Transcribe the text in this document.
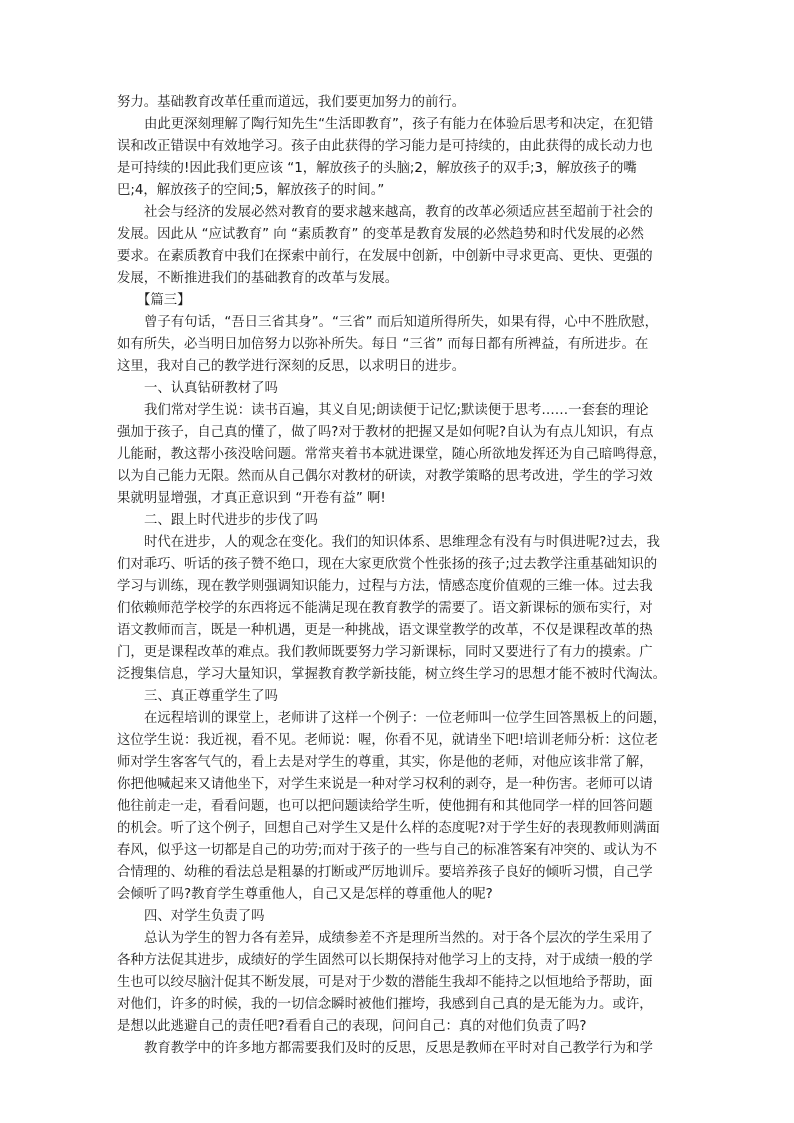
努力。基础教育改革任重而道远，我们要更加努力的前行。
由此更深刻理解了陶行知先生“生活即教育”，孩子有能力在体验后思考和决定，在犯错
误和改正错误中有效地学习。孩子由此获得的学习能力是可持续的，由此获得的成长动力也
是可持续的!因此我们更应该 “1，解放孩子的头脑;2，解放孩子的双手;3，解放孩子的嘴
巴;4，解放孩子的空间;5，解放孩子的时间。”
社会与经济的发展必然对教育的要求越来越高，教育的改革必须适应甚至超前于社会的
发展。因此从 “应试教育” 向 “素质教育” 的变革是教育发展的必然趋势和时代发展的必然
要求。在素质教育中我们在探索中前行，在发展中创新，中创新中寻求更高、更快、更强的
发展，不断推进我们的基础教育的改革与发展。
【篇三】
曾子有句话，“吾日三省其身”。“三省” 而后知道所得所失，如果有得，心中不胜欣慰，
如有所失，必当明日加倍努力以弥补所失。每日 “三省” 而每日都有所裨益，有所进步。在
这里，我对自己的教学进行深刻的反思，以求明日的进步。
一、认真钻研教材了吗
我们常对学生说：读书百遍，其义自见;朗读便于记忆;默读便于思考……一套套的理论
强加于孩子，自己真的懂了，做了吗?对于教材的把握又是如何呢?自认为有点儿知识，有点
儿能耐，教这帮小孩没啥问题。常常夹着书本就进课堂，随心所欲地发挥还为自己暗鸣得意，
以为自己能力无限。然而从自己偶尔对教材的研读，对教学策略的思考改进，学生的学习效
果就明显增强，才真正意识到 “开卷有益” 啊!
二、跟上时代进步的步伐了吗
时代在进步，人的观念在变化。我们的知识体系、思维理念有没有与时俱进呢?过去，我
们对乖巧、听话的孩子赞不绝口，现在大家更欣赏个性张扬的孩子;过去教学注重基础知识的
学习与训练，现在教学则强调知识能力，过程与方法，情感态度价值观的三维一体。过去我
们依赖师范学校学的东西将远不能满足现在教育教学的需要了。语文新课标的颁布实行，对
语文教师而言，既是一种机遇，更是一种挑战，语文课堂教学的改革，不仅是课程改革的热
门，更是课程改革的难点。我们教师既要努力学习新课标，同时又要进行了有力的摸索。广
泛搜集信息，学习大量知识，掌握教育教学新技能，树立终生学习的思想才能不被时代淘汰。
三、真正尊重学生了吗
在远程培训的课堂上，老师讲了这样一个例子：一位老师叫一位学生回答黑板上的问题，
这位学生说：我近视，看不见。老师说：喔，你看不见，就请坐下吧!培训老师分析：这位老
师对学生客客气气的，看上去是对学生的尊重，其实，你是他的老师，对他应该非常了解，
你把他喊起来又请他坐下，对学生来说是一种对学习权利的剥夺，是一种伤害。老师可以请
他往前走一走，看看问题，也可以把问题读给学生听，使他拥有和其他同学一样的回答问题
的机会。听了这个例子，回想自己对学生又是什么样的态度呢?对于学生好的表现教师则满面
春风，似乎这一切都是自己的功劳;而对于孩子的一些与自己的标准答案有冲突的、或认为不
合情理的、幼稚的看法总是粗暴的打断或严厉地训斥。要培养孩子良好的倾听习惯，自己学
会倾听了吗?教育学生尊重他人，自己又是怎样的尊重他人的呢?
四、对学生负责了吗
总认为学生的智力各有差异，成绩参差不齐是理所当然的。对于各个层次的学生采用了
各种方法促其进步，成绩好的学生固然可以长期保持对他学习上的支持，对于成绩一般的学
生也可以绞尽脑汁促其不断发展，可是对于少数的潜能生我却不能持之以恒地给予帮助，面
对他们，许多的时候，我的一切信念瞬时被他们摧垮，我感到自己真的是无能为力。或许，
是想以此逃避自己的责任吧?看看自己的表现，问问自己：真的对他们负责了吗?
教育教学中的许多地方都需要我们及时的反思，反思是教师在平时对自己教学行为和学
